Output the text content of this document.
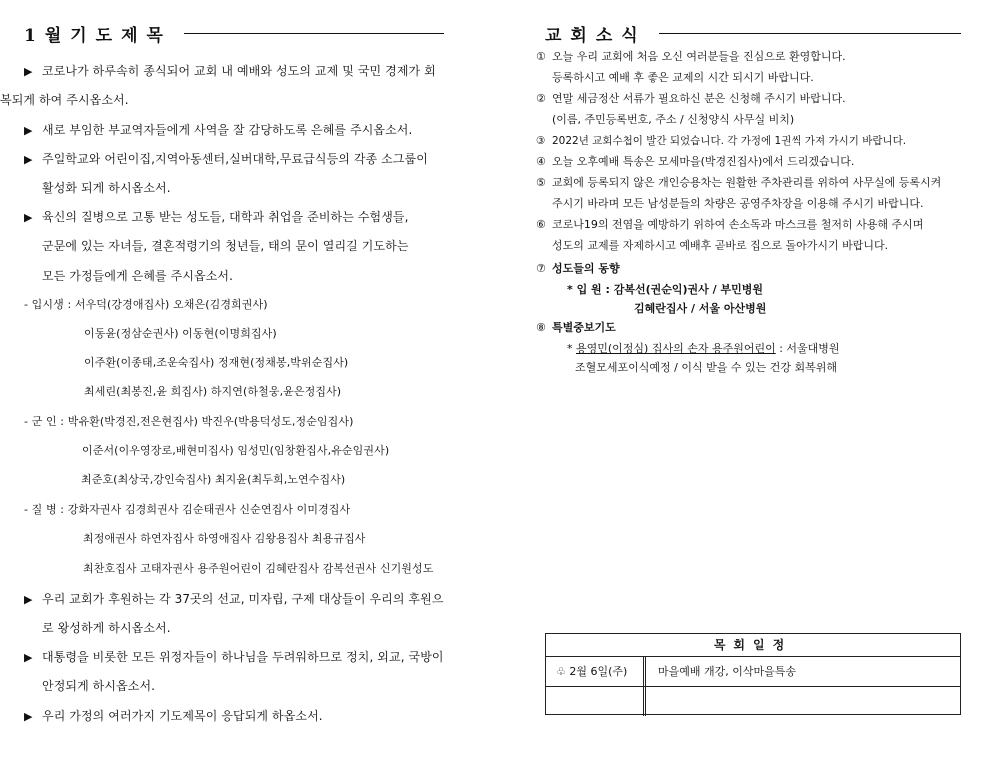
1월기도제목
▶ 코로나가 하루속히 종식되어 교회 내 예배와 성도의 교제 및 국민 경제가 회
복되게 하여 주시옵소서.
▶ 새로 부임한 부교역자들에게 사역을 잘 감당하도록 은혜를 주시옵소서.
▶ 주일학교와 어린이집,지역아동센터,실버대학,무료급식등의 각종 소그룹이
활성화 되게 하시옵소서.
▶ 육신의 질병으로 고통 받는 성도들, 대학과 취업을 준비하는 수험생들,
군문에 있는 자녀들, 결혼적령기의 청년들, 태의 문이 열리길 기도하는
모든 가정들에게 은혜를 주시옵소서.
- 입시생 : 서우덕(강경애집사) 오채은(김경희권사)
이동윤(정삼순권사) 이동현(이명희집사)
이주환(이종태,조운숙집사) 정재현(정채봉,박위순집사)
최세린(최봉진,윤 희집사) 하지연(하철웅,윤은정집사)
- 군 인 : 박유환(박경진,전은현집사) 박진우(박용덕성도,정순임집사)
이준서(이우영장로,배현미집사) 임성민(임창환집사,유순임권사)
최준호(최상국,강인숙집사) 최지윤(최두희,노연수집사)
- 질 병 : 강화자권사 김경희권사 김순태권사 신순연집사 이미경집사
최정애권사 하연자집사 하영애집사 김왕용집사 최용규집사
최찬호집사 고태자권사 용주원어린이 김혜란집사 감복선권사 신기원성도
▶ 우리 교회가 후원하는 각 37곳의 선교, 미자립, 구제 대상들이 우리의 후원으
로 왕성하게 하시옵소서.
▶ 대통령을 비롯한 모든 위정자들이 하나님을 두려워하므로 정치, 외교, 국방이
안정되게 하시옵소서.
▶ 우리 가정의 여러가지 기도제목이 응답되게 하옵소서.
교회소식
① 오늘 우리 교회에 처음 오신 여러분들을 진심으로 환영합니다.
등록하시고 예배 후 좋은 교제의 시간 되시기 바랍니다.
② 연말 세금정산 서류가 필요하신 분은 신청해 주시기 바랍니다.
(이름, 주민등록번호, 주소 / 신청양식 사무실 비치)
③ 2022년 교회수첩이 발간 되었습니다. 각 가정에 1권씩 가져 가시기 바랍니다.
④ 오늘 오후예배 특송은 모세마을(박경진집사)에서 드리겠습니다.
⑤ 교회에 등록되지 않은 개인승용차는 원활한 주차관리를 위하여 사무실에 등록시켜
주시기 바라며 모든 남성분들의 차량은 공영주차장을 이용해 주시기 바랍니다.
⑥ 코로나19의 전염을 예방하기 위하여 손소독과 마스크를 철저히 사용해 주시며
성도의 교제를 자제하시고 예배후 곧바로 집으로 돌아가시기 바랍니다.
⑦ 성도들의 동향
* 입 원 : 감복선(권순익)권사 / 부민병원
김혜란집사 / 서울 아산병원
⑧ 특별중보기도
* 용영민(이정심) 집사의 손자 용주원어린이 : 서울대병원
조혈모세포이식예정 / 이식 받을 수 있는 건강 회복위해
목회일정
♧ 2월 6일(주)	마을예배 개강, 이삭마을특송
